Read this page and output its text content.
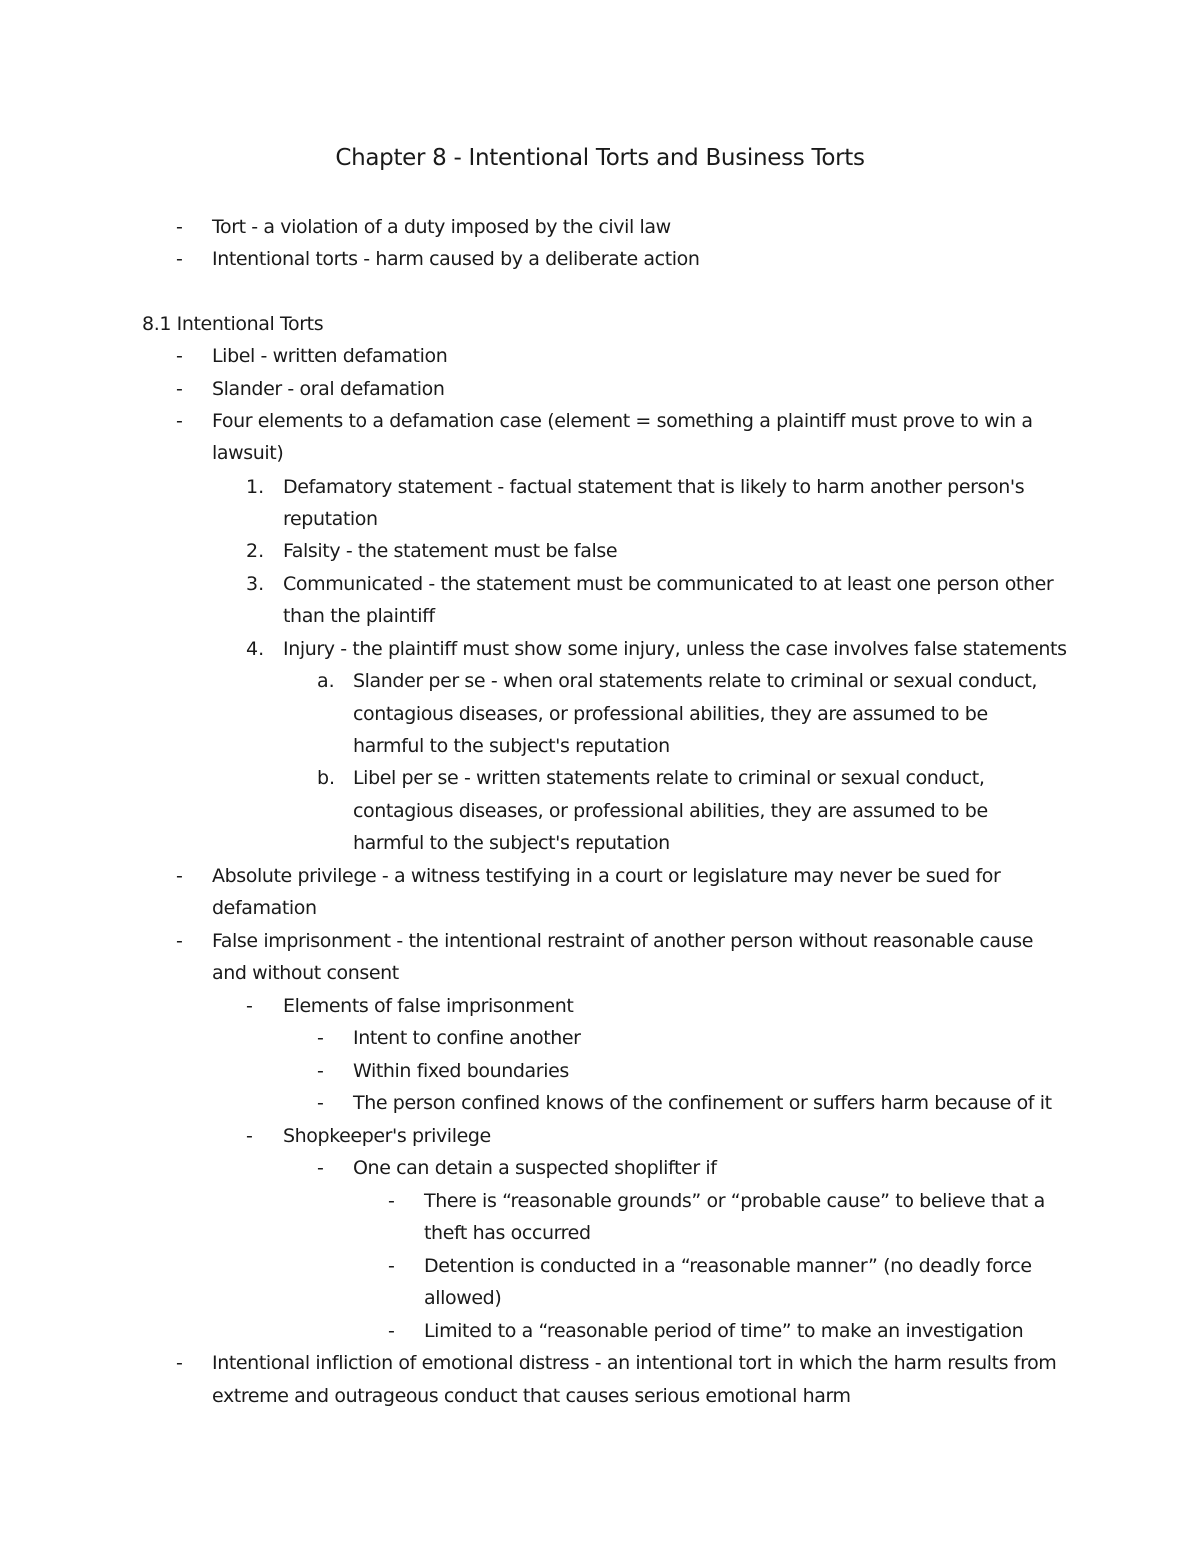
Chapter 8 - Intentional Torts and Business Torts
- Tort - a violation of a duty imposed by the civil law
- Intentional torts - harm caused by a deliberate action
8.1 Intentional Torts
- Libel - written defamation
- Slander - oral defamation
- Four elements to a defamation case (element = something a plaintiff must prove to win a
lawsuit)
1. Defamatory statement - factual statement that is likely to harm another person's
reputation
2. Falsity - the statement must be false
3. Communicated - the statement must be communicated to at least one person other
than the plaintiff
4. Injury - the plaintiff must show some injury, unless the case involves false statements
a. Slander per se - when oral statements relate to criminal or sexual conduct,
contagious diseases, or professional abilities, they are assumed to be
harmful to the subject's reputation
b. Libel per se - written statements relate to criminal or sexual conduct,
contagious diseases, or professional abilities, they are assumed to be
harmful to the subject's reputation
- Absolute privilege - a witness testifying in a court or legislature may never be sued for
defamation
- False imprisonment - the intentional restraint of another person without reasonable cause
and without consent
- Elements of false imprisonment
- Intent to confine another
- Within fixed boundaries
- The person confined knows of the confinement or suffers harm because of it
- Shopkeeper's privilege
- One can detain a suspected shoplifter if
- There is “reasonable grounds” or “probable cause” to believe that a
theft has occurred
- Detention is conducted in a “reasonable manner” (no deadly force
allowed)
- Limited to a “reasonable period of time” to make an investigation
- Intentional infliction of emotional distress - an intentional tort in which the harm results from
extreme and outrageous conduct that causes serious emotional harm
